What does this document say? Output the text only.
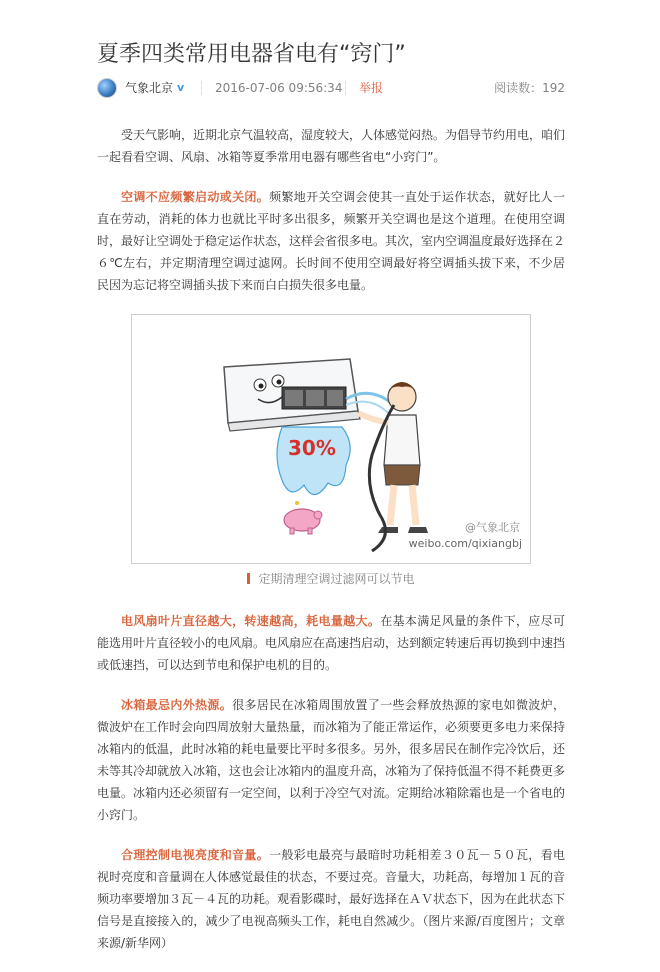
夏季四类常用电器省电有“窍门”
气象北京 v	2016-07-06 09:56:34 举报	阅读数：192

受天气影响，近期北京气温较高，湿度较大，人体感觉闷热。为倡导节约用电，咱们一起看看空调、风扇、冰箱等夏季常用电器有哪些省电“小窍门”。

空调不应频繁启动或关闭。频繁地开关空调会使其一直处于运作状态，就好比人一直在劳动，消耗的体力也就比平时多出很多，频繁开关空调也是这个道理。在使用空调时，最好让空调处于稳定运作状态，这样会省很多电。其次，室内空调温度最好选择在２６℃左右，并定期清理空调过滤网。长时间不使用空调最好将空调插头拔下来，不少居民因为忘记将空调插头拔下来而白白损失很多电量。

30%
@气象北京
weibo.com/qixiangbj
定期清理空调过滤网可以节电

电风扇叶片直径越大，转速越高，耗电量越大。在基本满足风量的条件下，应尽可能选用叶片直径较小的电风扇。电风扇应在高速挡启动，达到额定转速后再切换到中速挡或低速挡，可以达到节电和保护电机的目的。

冰箱最忌内外热源。很多居民在冰箱周围放置了一些会释放热源的家电如微波炉，微波炉在工作时会向四周放射大量热量，而冰箱为了能正常运作，必须要更多电力来保持冰箱内的低温，此时冰箱的耗电量要比平时多很多。另外，很多居民在制作完冷饮后，还未等其冷却就放入冰箱，这也会让冰箱内的温度升高，冰箱为了保持低温不得不耗费更多电量。冰箱内还必须留有一定空间，以利于冷空气对流。定期给冰箱除霜也是一个省电的小窍门。

合理控制电视亮度和音量。一般彩电最亮与最暗时功耗相差３０瓦－５０瓦，看电视时亮度和音量调在人体感觉最佳的状态，不要过亮。音量大，功耗高，每增加１瓦的音频功率要增加３瓦－４瓦的功耗。观看影碟时，最好选择在ＡＶ状态下，因为在此状态下信号是直接接入的，减少了电视高频头工作，耗电自然减少。（图片来源/百度图片；文章来源/新华网）
